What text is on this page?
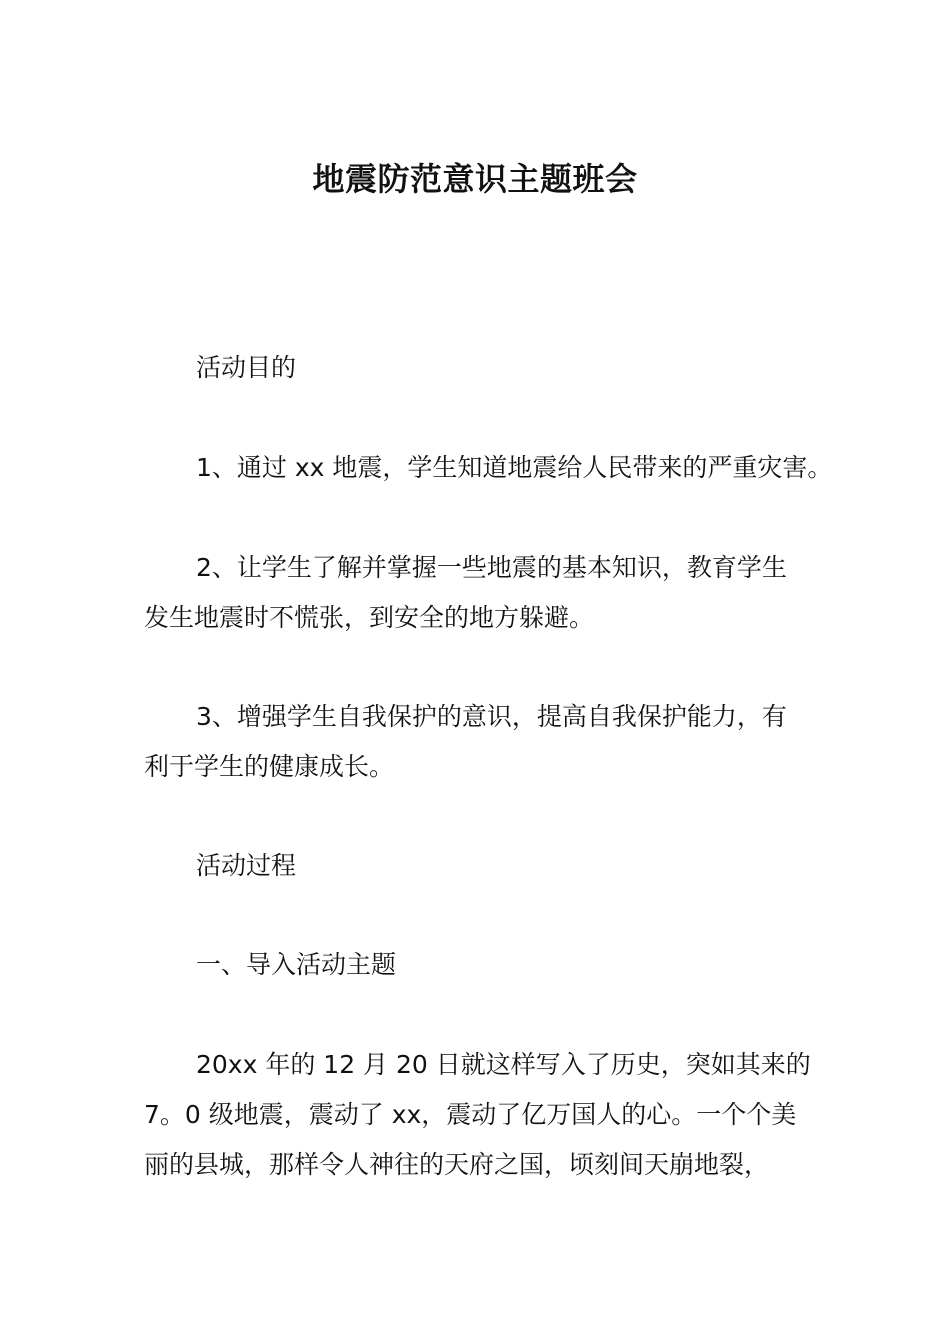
地震防范意识主题班会

活动目的

1、通过 xx 地震，学生知道地震给人民带来的严重灾害。

2、让学生了解并掌握一些地震的基本知识，教育学生
发生地震时不慌张，到安全的地方躲避。

3、增强学生自我保护的意识，提高自我保护能力，有
利于学生的健康成长。

活动过程

一、导入活动主题

20xx 年的 12 月 20 日就这样写入了历史，突如其来的
7。0 级地震，震动了 xx，震动了亿万国人的心。一个个美
丽的县城，那样令人神往的天府之国，顷刻间天崩地裂，
